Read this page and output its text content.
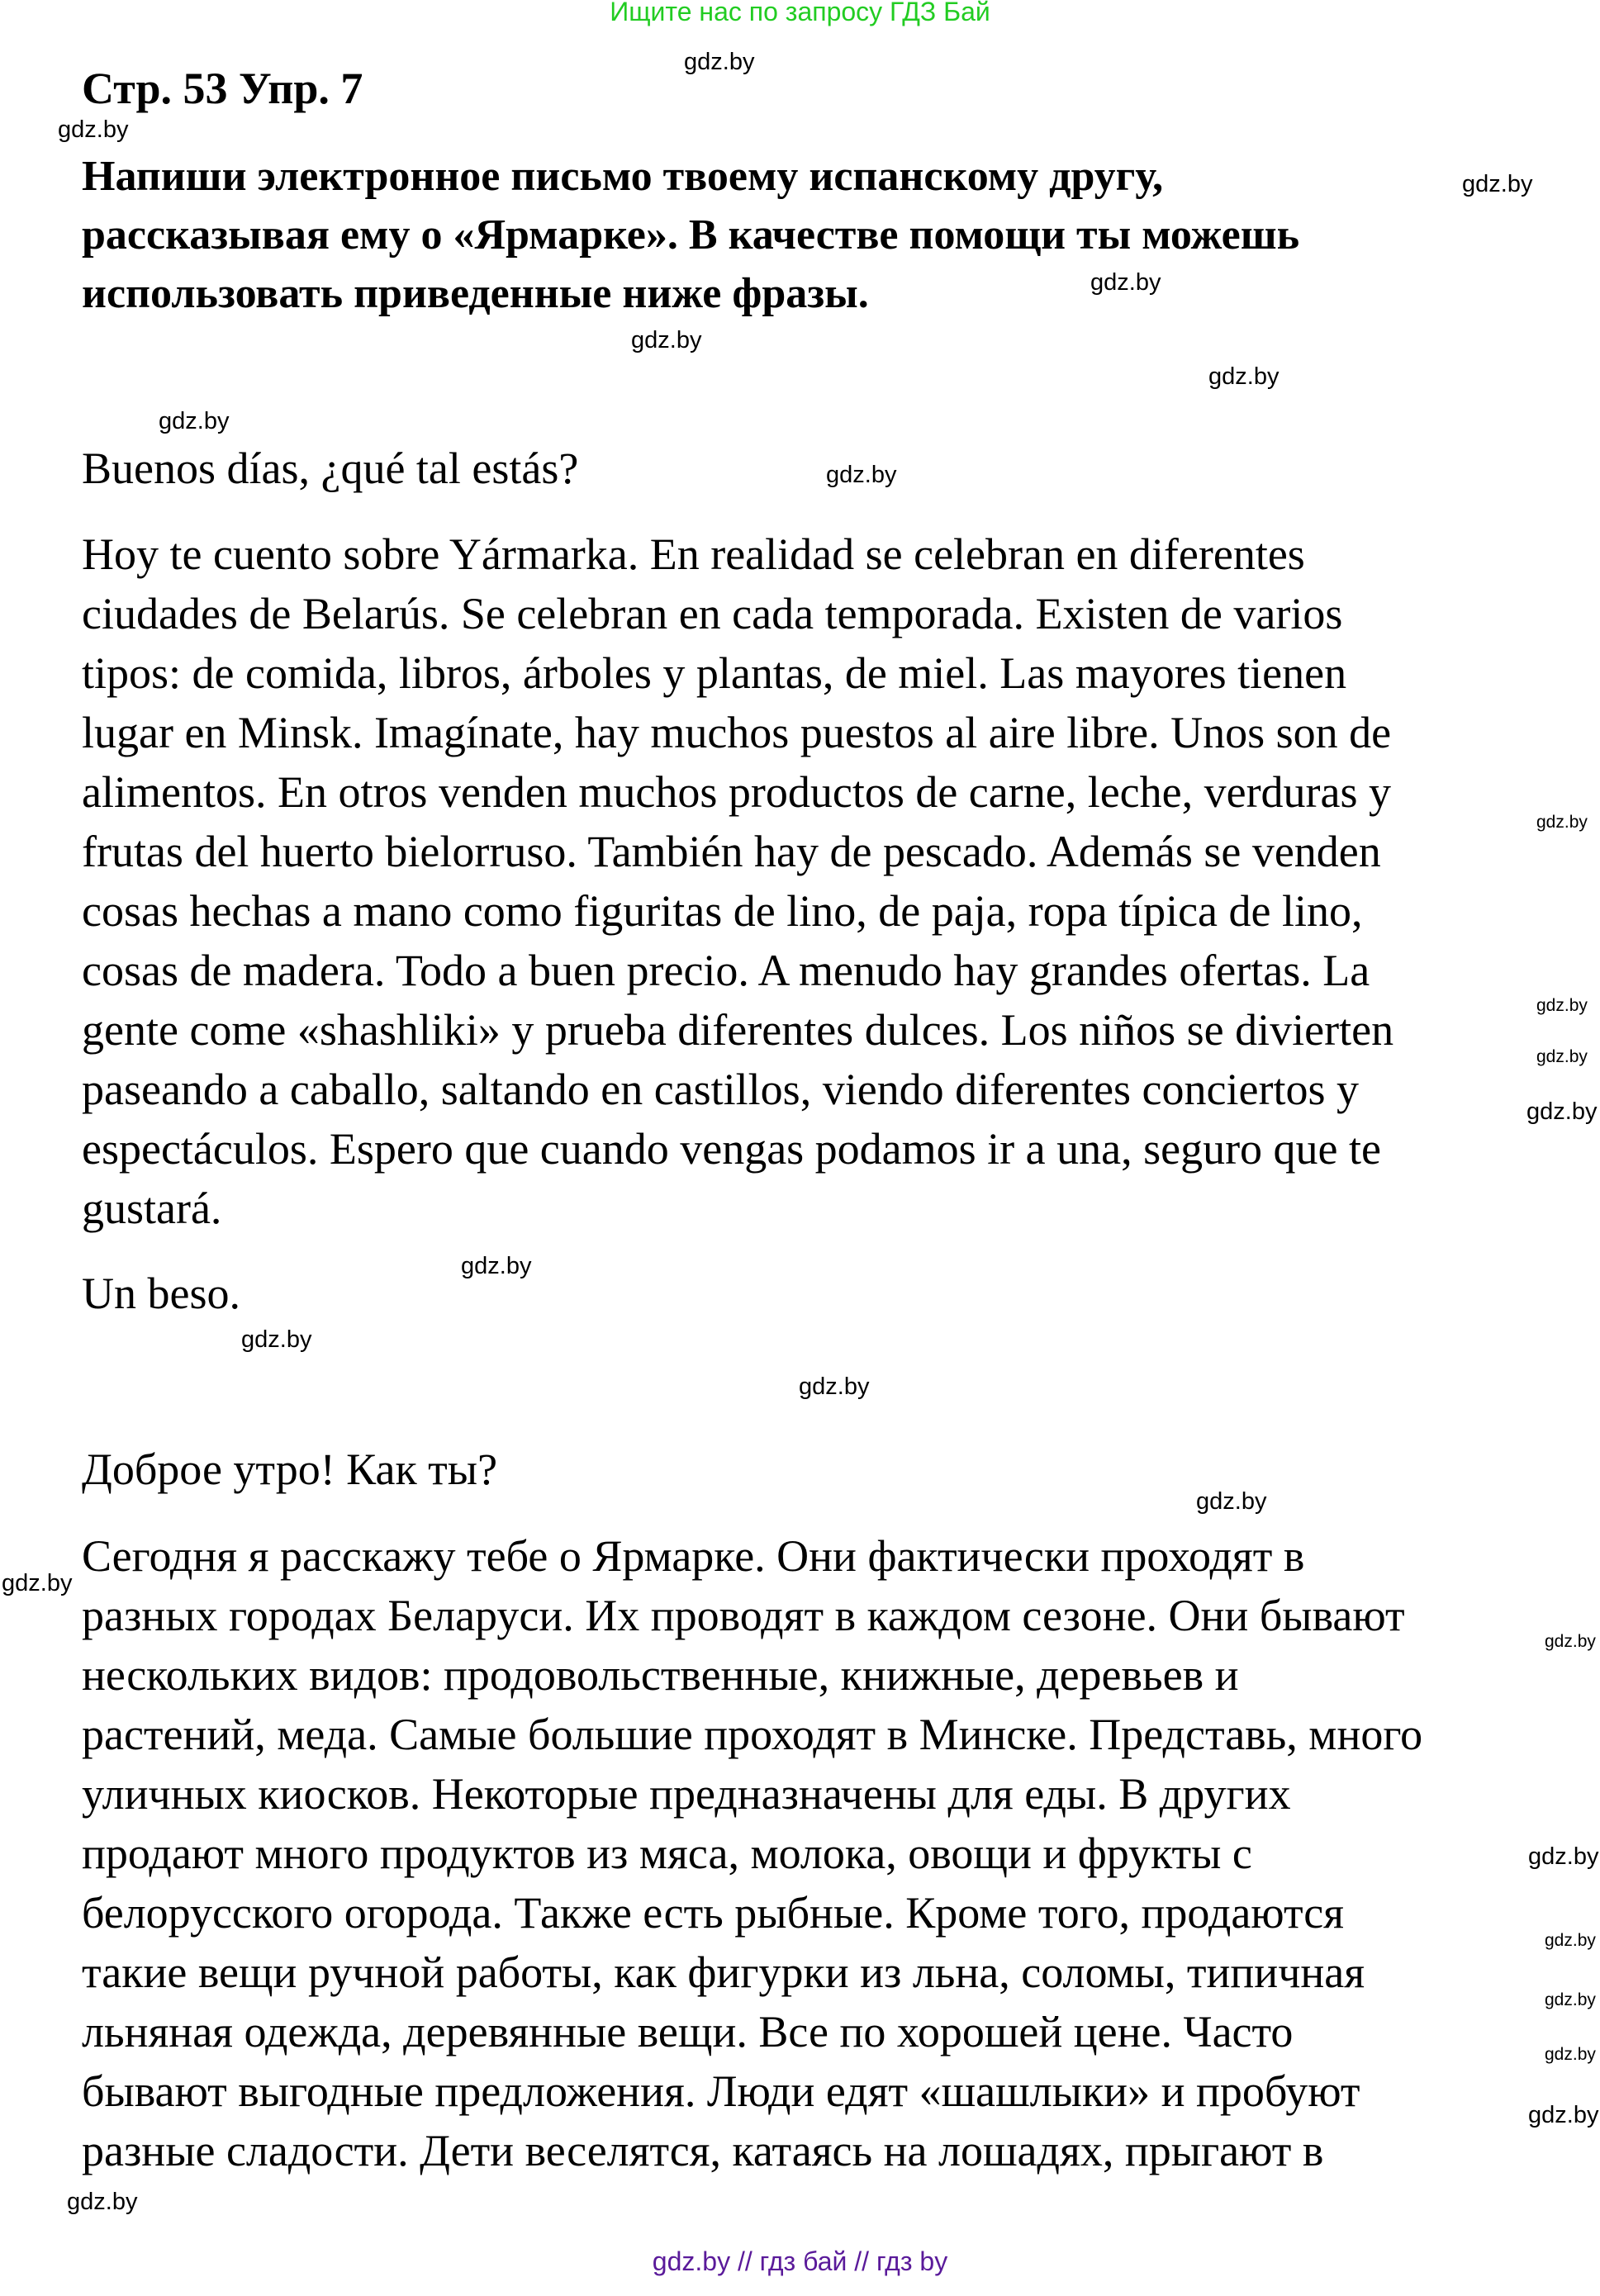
Ищите нас по запросу ГДЗ Бай
Стр. 53 Упр. 7
Напиши электронное письмо твоему испанскому другу,
рассказывая ему о «Ярмарке». В качестве помощи ты можешь
использовать приведенные ниже фразы.
Buenos días, ¿qué tal estás?
Hoy te cuento sobre Yármarka. En realidad se celebran en diferentes
ciudades de Belarús. Se celebran en cada temporada. Existen de varios
tipos: de comida, libros, árboles y plantas, de miel. Las mayores tienen
lugar en Minsk. Imagínate, hay muchos puestos al aire libre. Unos son de
alimentos. En otros venden muchos productos de carne, leche, verduras y
frutas del huerto bielorruso. También hay de pescado. Además se venden
cosas hechas a mano como figuritas de lino, de paja, ropa típica de lino,
cosas de madera. Todo a buen precio. A menudo hay grandes ofertas. La
gente come «shashliki» y prueba diferentes dulces. Los niños se divierten
paseando a caballo, saltando en castillos, viendo diferentes conciertos y
espectáculos. Espero que cuando vengas podamos ir a una, seguro que te
gustará.
Un beso.
Доброе утро! Как ты?
Сегодня я расскажу тебе о Ярмарке. Они фактически проходят в
разных городах Беларуси. Их проводят в каждом сезоне. Они бывают
нескольких видов: продовольственные, книжные, деревьев и
растений, меда. Самые большие проходят в Минске. Представь, много
уличных киосков. Некоторые предназначены для еды. В других
продают много продуктов из мяса, молока, овощи и фрукты с
белорусского огорода. Также есть рыбные. Кроме того, продаются
такие вещи ручной работы, как фигурки из льна, соломы, типичная
льняная одежда, деревянные вещи. Все по хорошей цене. Часто
бывают выгодные предложения. Люди едят «шашлыки» и пробуют
разные сладости. Дети веселятся, катаясь на лошадях, прыгают в
gdz.by
gdz.by
gdz.by
gdz.by
gdz.by
gdz.by
gdz.by
gdz.by
gdz.by
gdz.by
gdz.by
gdz.by
gdz.by
gdz.by
gdz.by
gdz.by
gdz.by
gdz.by
gdz.by
gdz.by
gdz.by
gdz.by
gdz.by
gdz.by
gdz.by // гдз бай // гдз by
